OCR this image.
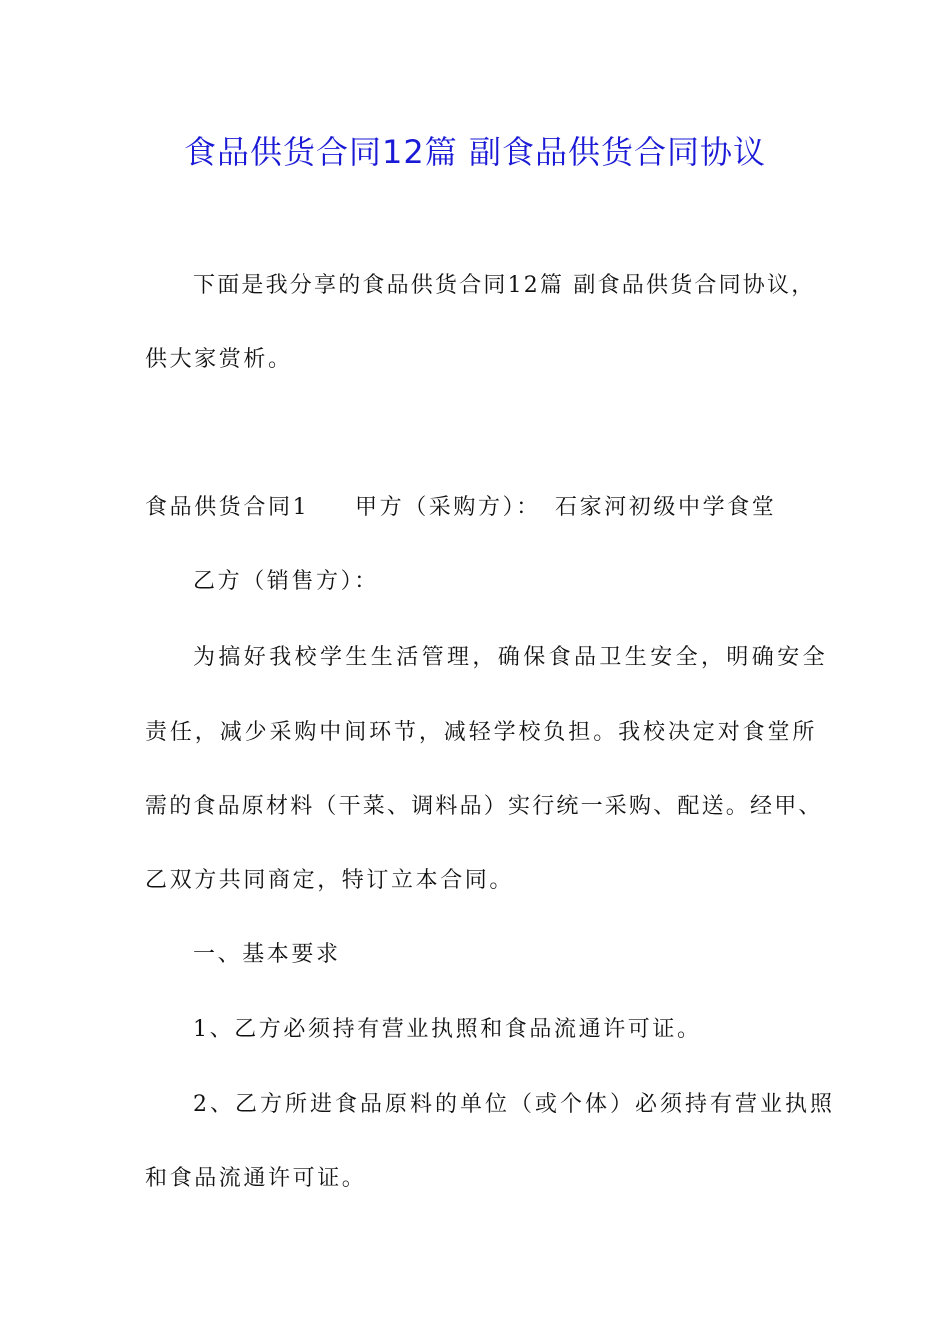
食品供货合同12篇 副食品供货合同协议
下面是我分享的食品供货合同12篇 副食品供货合同协议，
供大家赏析。
食品供货合同1 甲方（采购方）： 石家河初级中学食堂
乙方（销售方）：
为搞好我校学生生活管理，确保食品卫生安全，明确安全
责任，减少采购中间环节，减轻学校负担。我校决定对食堂所
需的食品原材料（干菜、调料品）实行统一采购、配送。经甲、
乙双方共同商定，特订立本合同。
一、基本要求
1、乙方必须持有营业执照和食品流通许可证。
2、乙方所进食品原料的单位（或个体）必须持有营业执照
和食品流通许可证。
